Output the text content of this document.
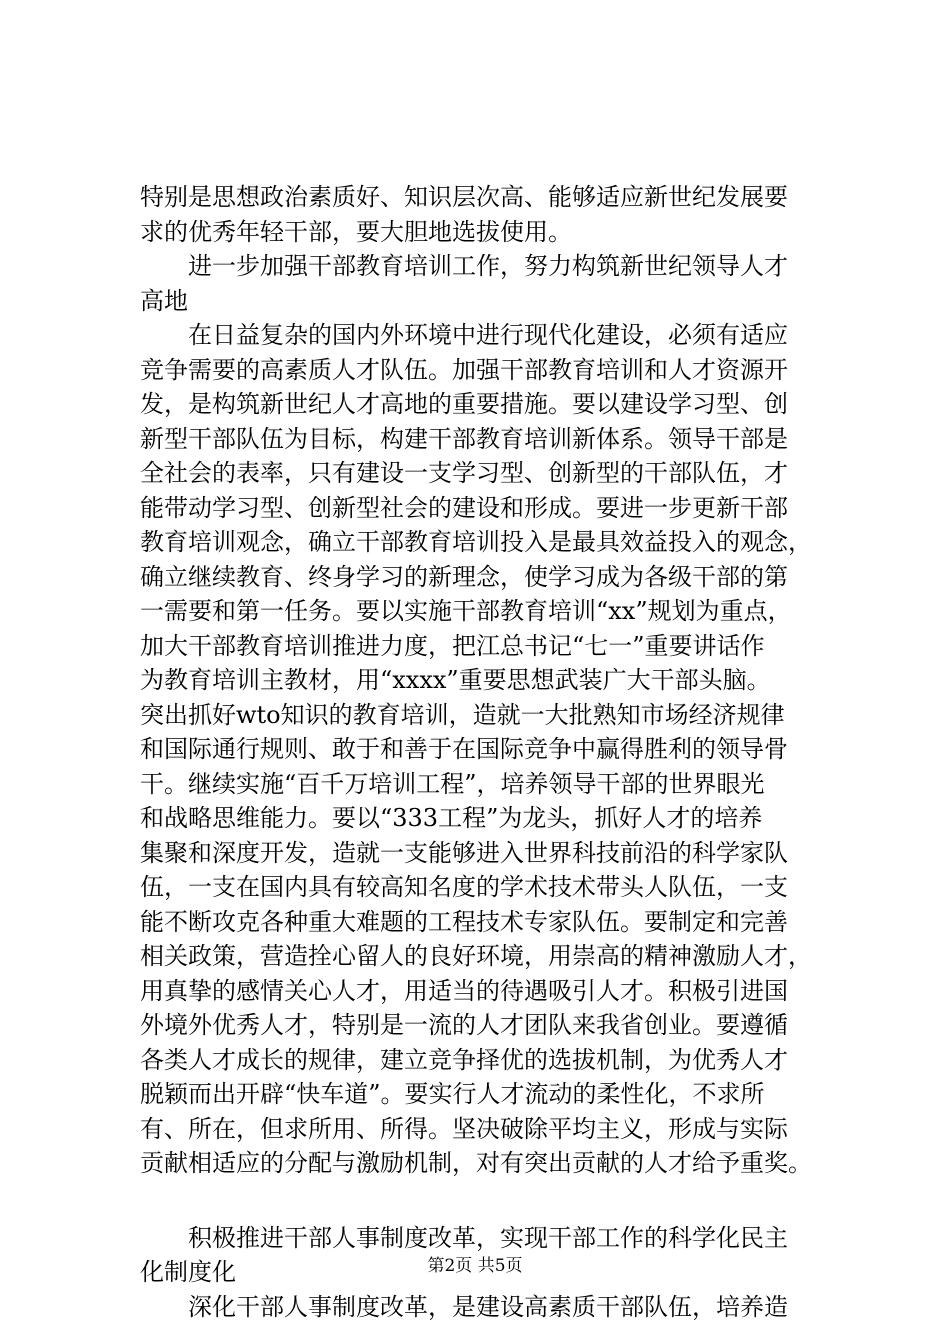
特别是思想政治素质好、知识层次高、能够适应新世纪发展要
求的优秀年轻干部，要大胆地选拔使用。
进一步加强干部教育培训工作，努力构筑新世纪领导人才
高地
在日益复杂的国内外环境中进行现代化建设，必须有适应
竞争需要的高素质人才队伍。加强干部教育培训和人才资源开
发，是构筑新世纪人才高地的重要措施。要以建设学习型、创
新型干部队伍为目标，构建干部教育培训新体系。领导干部是
全社会的表率，只有建设一支学习型、创新型的干部队伍，才
能带动学习型、创新型社会的建设和形成。要进一步更新干部
教育培训观念，确立干部教育培训投入是最具效益投入的观念，
确立继续教育、终身学习的新理念，使学习成为各级干部的第
一需要和第一任务。要以实施干部教育培训“xx”规划为重点，
加大干部教育培训推进力度，把江总书记“七一”重要讲话作
为教育培训主教材，用“xxxx”重要思想武装广大干部头脑。
突出抓好wto知识的教育培训，造就一大批熟知市场经济规律
和国际通行规则、敢于和善于在国际竞争中赢得胜利的领导骨
干。继续实施“百千万培训工程”，培养领导干部的世界眼光
和战略思维能力。要以“333工程”为龙头，抓好人才的培养
集聚和深度开发，造就一支能够进入世界科技前沿的科学家队
伍，一支在国内具有较高知名度的学术技术带头人队伍，一支
能不断攻克各种重大难题的工程技术专家队伍。要制定和完善
相关政策，营造拴心留人的良好环境，用崇高的精神激励人才，
用真挚的感情关心人才，用适当的待遇吸引人才。积极引进国
外境外优秀人才，特别是一流的人才团队来我省创业。要遵循
各类人才成长的规律，建立竞争择优的选拔机制，为优秀人才
脱颖而出开辟“快车道”。要实行人才流动的柔性化，不求所
有、所在，但求所用、所得。坚决破除平均主义，形成与实际
贡献相适应的分配与激励机制，对有突出贡献的人才给予重奖。
积极推进干部人事制度改革，实现干部工作的科学化民主
化制度化
深化干部人事制度改革，是建设高素质干部队伍，培养造
第2页 共5页
